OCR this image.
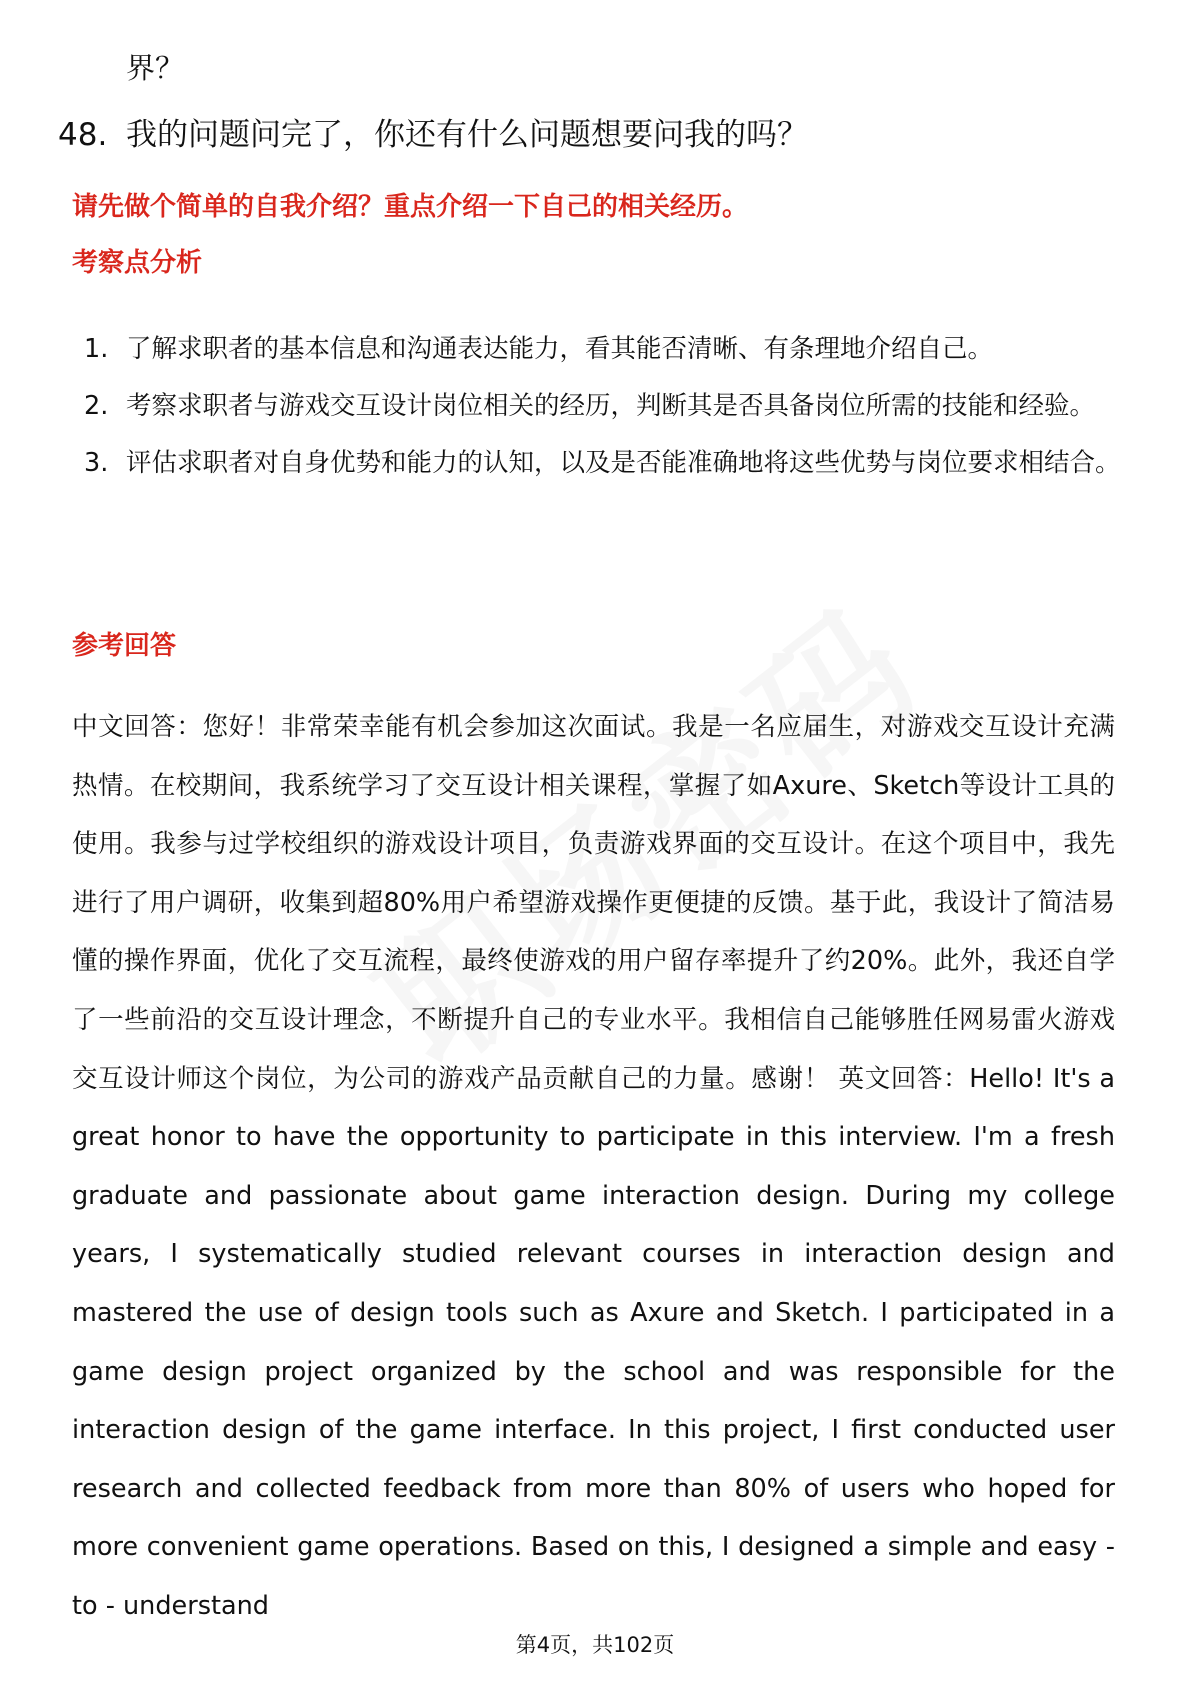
界？
48. 我的问题问完了，你还有什么问题想要问我的吗？
请先做个简单的自我介绍？重点介绍一下自己的相关经历。
考察点分析
1. 了解求职者的基本信息和沟通表达能力，看其能否清晰、有条理地介绍自己。
2. 考察求职者与游戏交互设计岗位相关的经历，判断其是否具备岗位所需的技能和经验。
3. 评估求职者对自身优势和能力的认知，以及是否能准确地将这些优势与岗位要求相结合。
参考回答
中文回答：您好！非常荣幸能有机会参加这次面试。我是一名应届生，对游戏交互设计充满热情。在校期间，我系统学习了交互设计相关课程，掌握了如Axure、Sketch等设计工具的使用。我参与过学校组织的游戏设计项目，负责游戏界面的交互设计。在这个项目中，我先进行了用户调研，收集到超80%用户希望游戏操作更便捷的反馈。基于此，我设计了简洁易懂的操作界面，优化了交互流程，最终使游戏的用户留存率提升了约20%。此外，我还自学了一些前沿的交互设计理念，不断提升自己的专业水平。我相信自己能够胜任网易雷火游戏交互设计师这个岗位，为公司的游戏产品贡献自己的力量。感谢！ 英文回答：Hello! It's a great honor to have the opportunity to participate in this interview. I'm a fresh graduate and passionate about game interaction design. During my college years, I systematically studied relevant courses in interaction design and mastered the use of design tools such as Axure and Sketch. I participated in a game design project organized by the school and was responsible for the interaction design of the game interface. In this project, I first conducted user research and collected feedback from more than 80% of users who hoped for more convenient game operations. Based on this, I designed a simple and easy - to - understand
第4页，共102页
